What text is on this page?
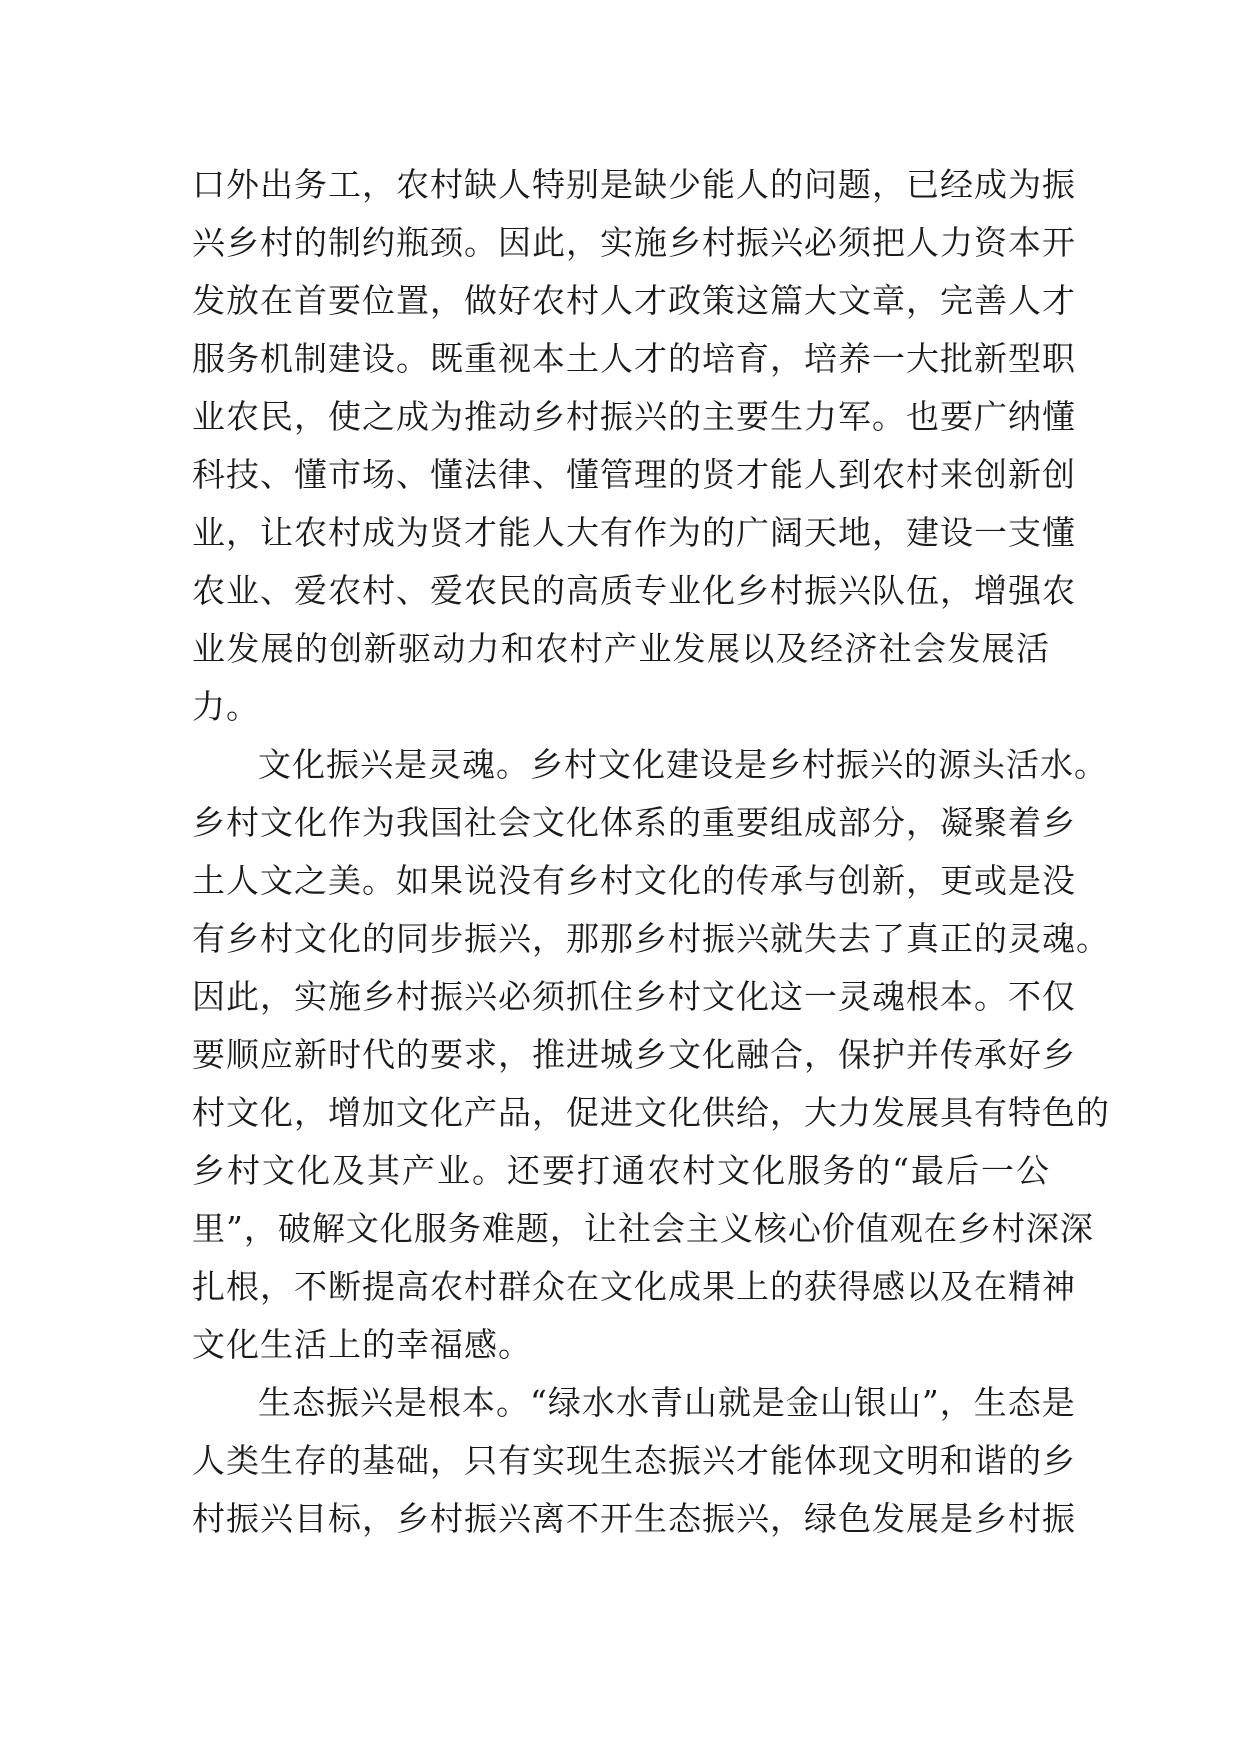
口外出务工，农村缺人特别是缺少能人的问题，已经成为振
兴乡村的制约瓶颈。因此，实施乡村振兴必须把人力资本开
发放在首要位置，做好农村人才政策这篇大文章，完善人才
服务机制建设。既重视本土人才的培育，培养一大批新型职
业农民，使之成为推动乡村振兴的主要生力军。也要广纳懂
科技、懂市场、懂法律、懂管理的贤才能人到农村来创新创
业，让农村成为贤才能人大有作为的广阔天地，建设一支懂
农业、爱农村、爱农民的高质专业化乡村振兴队伍，增强农
业发展的创新驱动力和农村产业发展以及经济社会发展活
力。
文化振兴是灵魂。乡村文化建设是乡村振兴的源头活水。
乡村文化作为我国社会文化体系的重要组成部分，凝聚着乡
土人文之美。如果说没有乡村文化的传承与创新，更或是没
有乡村文化的同步振兴，那那乡村振兴就失去了真正的灵魂。
因此，实施乡村振兴必须抓住乡村文化这一灵魂根本。不仅
要顺应新时代的要求，推进城乡文化融合，保护并传承好乡
村文化，增加文化产品，促进文化供给，大力发展具有特色的
乡村文化及其产业。还要打通农村文化服务的“最后一公
里”，破解文化服务难题，让社会主义核心价值观在乡村深深
扎根，不断提高农村群众在文化成果上的获得感以及在精神
文化生活上的幸福感。
生态振兴是根本。“绿水水青山就是金山银山”，生态是
人类生存的基础，只有实现生态振兴才能体现文明和谐的乡
村振兴目标，乡村振兴离不开生态振兴，绿色发展是乡村振
